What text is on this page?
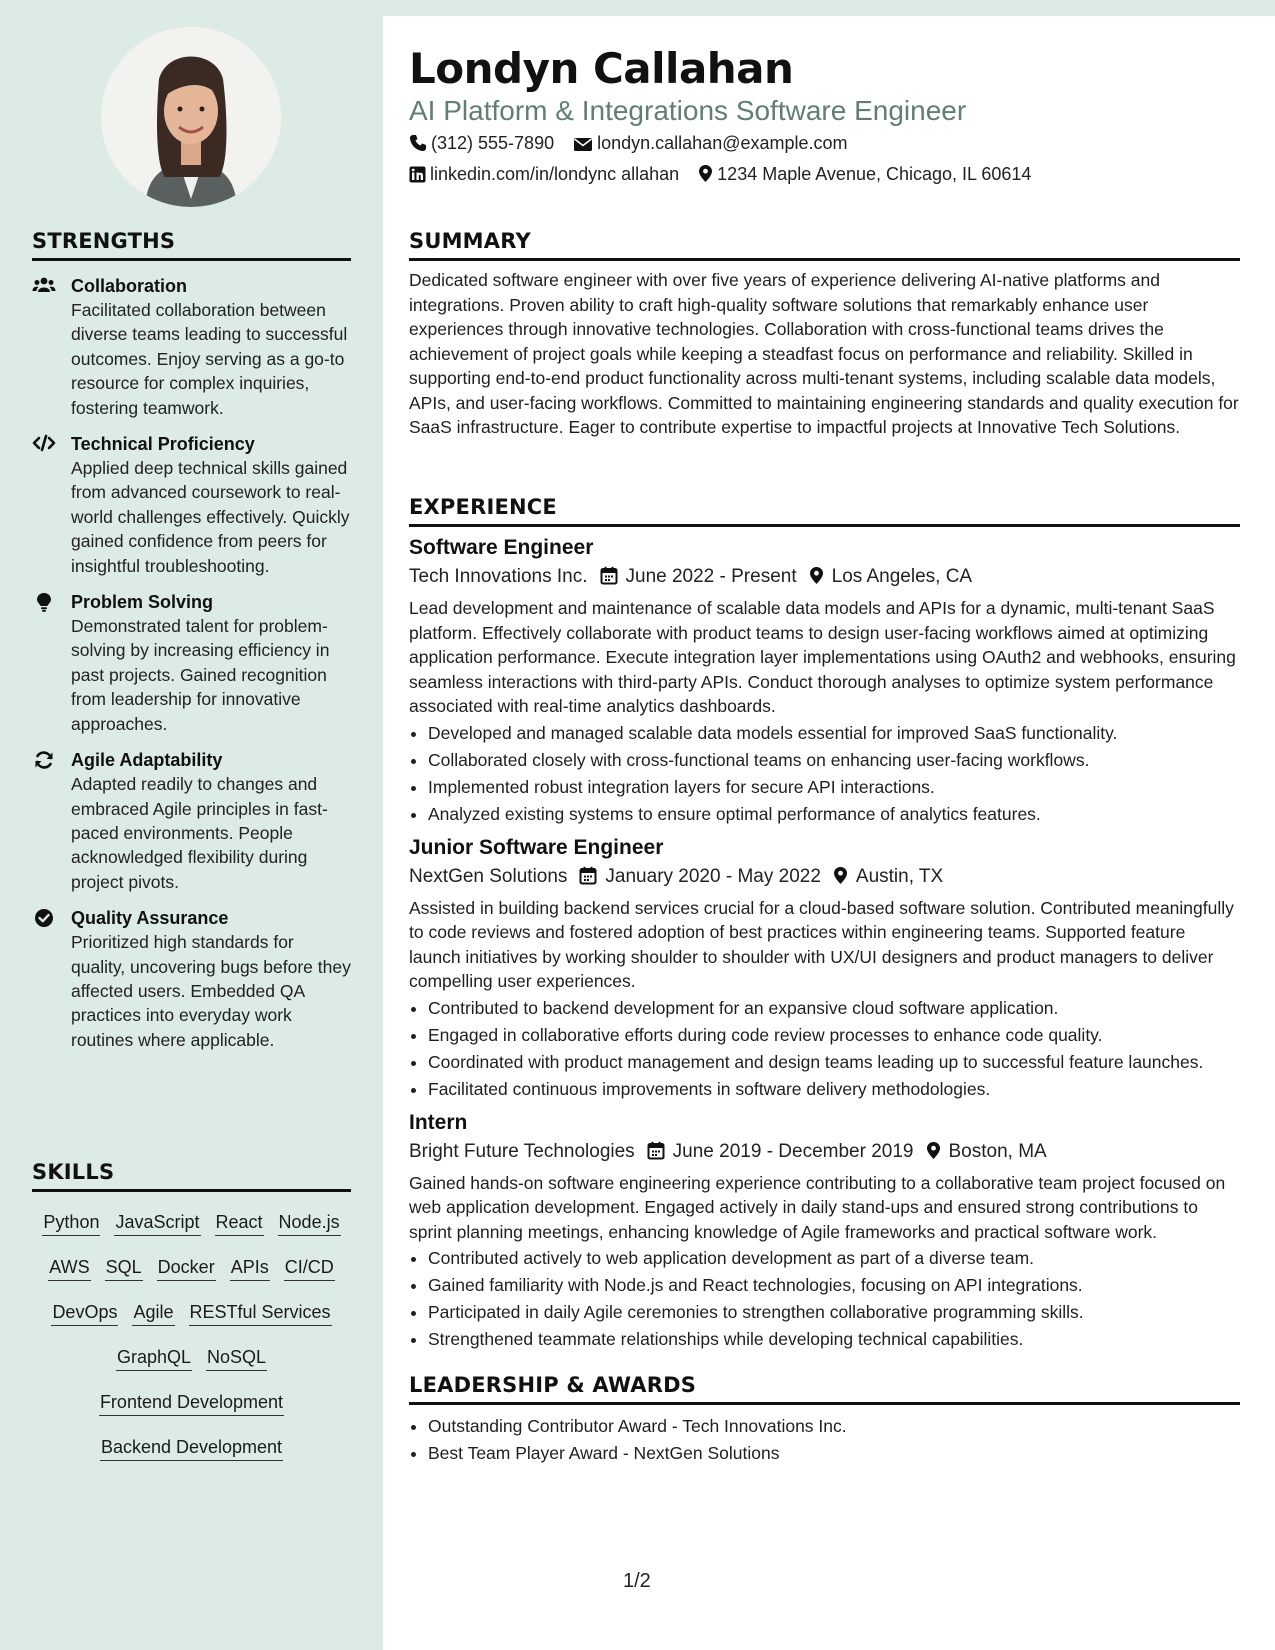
STRENGTHS
Collaboration
Facilitated collaboration between diverse teams leading to successful outcomes. Enjoy serving as a go-to resource for complex inquiries, fostering teamwork.
Technical Proficiency
Applied deep technical skills gained from advanced coursework to real-world challenges effectively. Quickly gained confidence from peers for insightful troubleshooting.
Problem Solving
Demonstrated talent for problem-solving by increasing efficiency in past projects. Gained recognition from leadership for innovative approaches.
Agile Adaptability
Adapted readily to changes and embraced Agile principles in fast-paced environments. People acknowledged flexibility during project pivots.
Quality Assurance
Prioritized high standards for quality, uncovering bugs before they affected users. Embedded QA practices into everyday work routines where applicable.
SKILLS
Python JavaScript React Node.js
AWS SQL Docker APIs CI/CD
DevOps Agile RESTful Services
GraphQL NoSQL
Frontend Development
Backend Development
Londyn Callahan
AI Platform & Integrations Software Engineer
(312) 555-7890 londyn.callahan@example.com
linkedin.com/in/londync allahan 1234 Maple Avenue, Chicago, IL 60614
SUMMARY

Dedicated software engineer with over five years of experience delivering AI-native platforms and integrations. Proven ability to craft high-quality software solutions that remarkably enhance user experiences through innovative technologies. Collaboration with cross-functional teams drives the achievement of project goals while keeping a steadfast focus on performance and reliability. Skilled in supporting end-to-end product functionality across multi-tenant systems, including scalable data models, APIs, and user-facing workflows. Committed to maintaining engineering standards and quality execution for SaaS infrastructure. Eager to contribute expertise to impactful projects at Innovative Tech Solutions.

EXPERIENCE
Software Engineer
Tech Innovations Inc. June 2022 - Present Los Angeles, CA

Lead development and maintenance of scalable data models and APIs for a dynamic, multi-tenant SaaS platform. Effectively collaborate with product teams to design user-facing workflows aimed at optimizing application performance. Execute integration layer implementations using OAuth2 and webhooks, ensuring seamless interactions with third-party APIs. Conduct thorough analyses to optimize system performance associated with real-time analytics dashboards.

• Developed and managed scalable data models essential for improved SaaS functionality.
• Collaborated closely with cross-functional teams on enhancing user-facing workflows.
• Implemented robust integration layers for secure API interactions.
• Analyzed existing systems to ensure optimal performance of analytics features.
Junior Software Engineer
NextGen Solutions January 2020 - May 2022 Austin, TX

Assisted in building backend services crucial for a cloud-based software solution. Contributed meaningfully to code reviews and fostered adoption of best practices within engineering teams. Supported feature launch initiatives by working shoulder to shoulder with UX/UI designers and product managers to deliver compelling user experiences.

• Contributed to backend development for an expansive cloud software application.
• Engaged in collaborative efforts during code review processes to enhance code quality.
• Coordinated with product management and design teams leading up to successful feature launches.
• Facilitated continuous improvements in software delivery methodologies.
Intern
Bright Future Technologies June 2019 - December 2019 Boston, MA

Gained hands-on software engineering experience contributing to a collaborative team project focused on web application development. Engaged actively in daily stand-ups and ensured strong contributions to sprint planning meetings, enhancing knowledge of Agile frameworks and practical software work.

• Contributed actively to web application development as part of a diverse team.
• Gained familiarity with Node.js and React technologies, focusing on API integrations.
• Participated in daily Agile ceremonies to strengthen collaborative programming skills.
• Strengthened teammate relationships while developing technical capabilities.
LEADERSHIP & AWARDS
• Outstanding Contributor Award - Tech Innovations Inc.
• Best Team Player Award - NextGen Solutions
1/2
